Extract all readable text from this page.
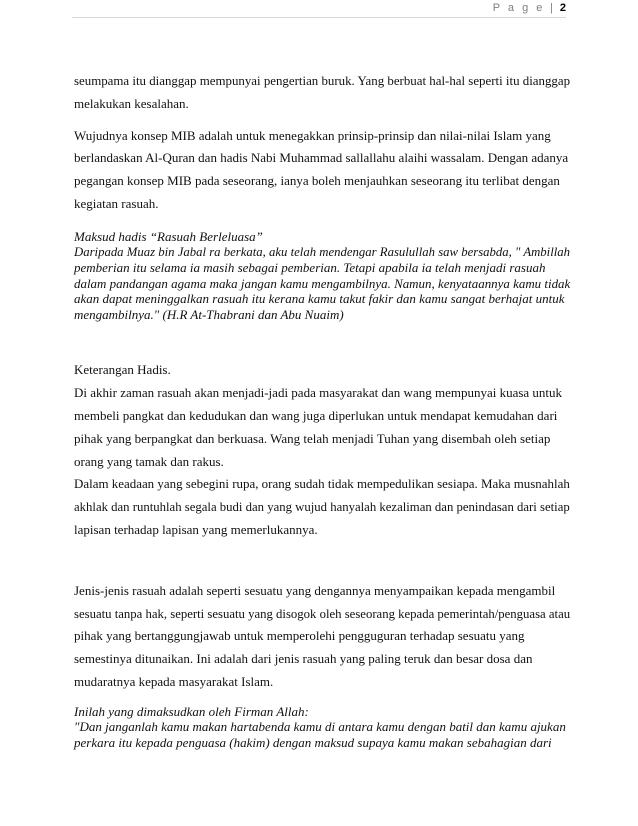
P a g e | 2
seumpama itu dianggap mempunyai pengertian buruk. Yang berbuat hal-hal seperti itu dianggap
melakukan kesalahan.
Wujudnya konsep MIB adalah untuk menegakkan prinsip-prinsip dan nilai-nilai Islam yang
berlandaskan Al-Quran dan hadis Nabi Muhammad sallallahu alaihi wassalam. Dengan adanya
pegangan konsep MIB pada seseorang, ianya boleh menjauhkan seseorang itu terlibat dengan
kegiatan rasuah.
Maksud hadis “Rasuah Berleluasa”
Daripada Muaz bin Jabal ra berkata, aku telah mendengar Rasulullah saw bersabda, " Ambillah
pemberian itu selama ia masih sebagai pemberian. Tetapi apabila ia telah menjadi rasuah
dalam pandangan agama maka jangan kamu mengambilnya. Namun, kenyataannya kamu tidak
akan dapat meninggalkan rasuah itu kerana kamu takut fakir dan kamu sangat berhajat untuk
mengambilnya." (H.R At-Thabrani dan Abu Nuaim)
Keterangan Hadis.
Di akhir zaman rasuah akan menjadi-jadi pada masyarakat dan wang mempunyai kuasa untuk
membeli pangkat dan kedudukan dan wang juga diperlukan untuk mendapat kemudahan dari
pihak yang berpangkat dan berkuasa. Wang telah menjadi Tuhan yang disembah oleh setiap
orang yang tamak dan rakus.
Dalam keadaan yang sebegini rupa, orang sudah tidak mempedulikan sesiapa. Maka musnahlah
akhlak dan runtuhlah segala budi dan yang wujud hanyalah kezaliman dan penindasan dari setiap
lapisan terhadap lapisan yang memerlukannya.
Jenis-jenis rasuah adalah seperti sesuatu yang dengannya menyampaikan kepada mengambil
sesuatu tanpa hak, seperti sesuatu yang disogok oleh seseorang kepada pemerintah/penguasa atau
pihak yang bertanggungjawab untuk memperolehi pengguguran terhadap sesuatu yang
semestinya ditunaikan. Ini adalah dari jenis rasuah yang paling teruk dan besar dosa dan
mudaratnya kepada masyarakat Islam.
Inilah yang dimaksudkan oleh Firman Allah:
"Dan janganlah kamu makan hartabenda kamu di antara kamu dengan batil dan kamu ajukan
perkara itu kepada penguasa (hakim) dengan maksud supaya kamu makan sebahagian dari
